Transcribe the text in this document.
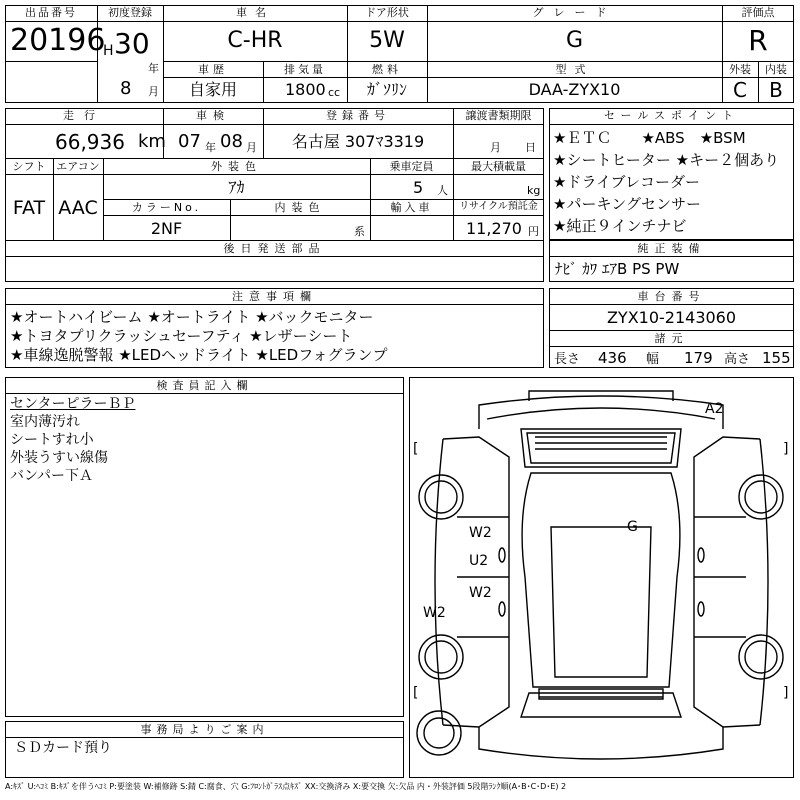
出品番号
20196
初度登録
H 30
年
8 月
車名
C-HR
ドア形状
5W
グレード
G
評価点
R
車歴
自家用
排気量
1800 cc
燃料
ｶﾞｿﾘﾝ
型式
DAA-ZYX10
外装
C
内装
B
走行
66,936 km
車検
07 年 08 月
登録番号
名古屋 307ﾏ3319
譲渡書類期限
月 日
シフト
FAT
エアコン
AAC
外装色
ｱｶ
乗車定員
5 人
最大積載量
kg
カラーNo.
2NF
内装色
系
輸入車	リサイクル預託金
11,270 円
後日発送部品
セールスポイント
★ＥＴＣ　　★ABS　★BSM
★シートヒーター ★キー２個あり
★ドライブレコーダー
★パーキングセンサー
★純正９インチナビ
純正装備
ﾅﾋﾞ ｶﾜ ｴｱB PS PW
注意事項欄
★オートハイビーム ★オートライト ★バックモニター
★トヨタプリクラッシュセーフティ ★レザーシート
★車線逸脱警報 ★LEDヘッドライト ★LEDフォグランプ
車台番号
ZYX10-2143060
諸元
長さ 436 幅 179 高さ 155
検査員記入欄
センターピラーＢＰ
室内薄汚れ
シートすれ小
外装うすい線傷
バンパー下Ａ
事務局よりご案内
ＳＤカード預り
[	]
[	]
A2
G
W2
U2
W2
W2
A:ｷｽﾞ U:ﾍｺﾐ B:ｷｽﾞを伴うﾍｺﾐ P:要塗装 W:補修跡 S:錆 C:腐食、穴 G:ﾌﾛﾝﾄｶﾞﾗｽ点ｷｽﾞ XX:交換済み X:要交換 欠:欠品 内・外装評価 5段階ﾗﾝｸ順(A･B･C･D･E) 2
